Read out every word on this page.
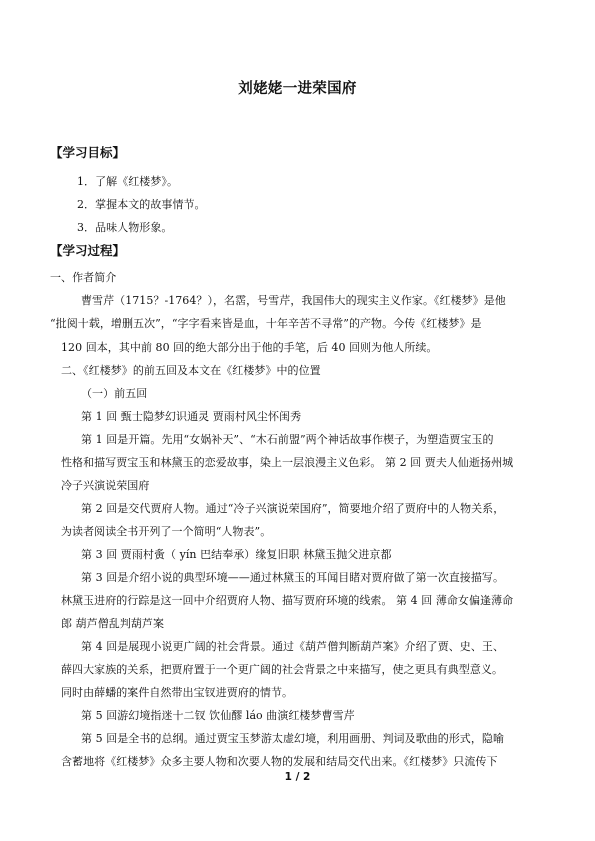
刘姥姥一进荣国府
【学习目标】
1．了解《红楼梦》。
2．掌握本文的故事情节。
3．品味人物形象。
【学习过程】
一、作者简介
曹雪芹（1715？-1764？），名霑，号雪芹，我国伟大的现实主义作家。《红楼梦》是他
“批阅十载，增删五次”，“字字看来皆是血，十年辛苦不寻常”的产物。今传《红楼梦》是
120 回本，其中前 80 回的绝大部分出于他的手笔，后 40 回则为他人所续。
二、《红楼梦》的前五回及本文在《红楼梦》中的位置
（一）前五回
第 1 回 甄士隐梦幻识通灵 贾雨村风尘怀闺秀
第 1 回是开篇。先用“女娲补天”、“木石前盟”两个神话故事作楔子，为塑造贾宝玉的
性格和描写贾宝玉和林黛玉的恋爱故事，染上一层浪漫主义色彩。 第 2 回 贾夫人仙逝扬州城
冷子兴演说荣国府
第 2 回是交代贾府人物。通过“冷子兴演说荣国府”，简要地介绍了贾府中的人物关系，
为读者阅读全书开列了一个简明“人物表”。
第 3 回 贾雨村夤（ yín 巴结奉承）缘复旧职 林黛玉抛父进京都
第 3 回是介绍小说的典型环境——通过林黛玉的耳闻目睹对贾府做了第一次直接描写。
林黛玉进府的行踪是这一回中介绍贾府人物、描写贾府环境的线索。 第 4 回 薄命女偏逢薄命
郎 葫芦僧乱判葫芦案
第 4 回是展现小说更广阔的社会背景。通过《葫芦僧判断葫芦案》介绍了贾、史、王、
薛四大家族的关系，把贾府置于一个更广阔的社会背景之中来描写，使之更具有典型意义。
同时由薛蟠的案件自然带出宝钗进贾府的情节。
第 5 回游幻境指迷十二钗 饮仙醪 láo 曲演红楼梦曹雪芹
第 5 回是全书的总纲。通过贾宝玉梦游太虚幻境，利用画册、判词及歌曲的形式，隐喻
含蓄地将《红楼梦》众多主要人物和次要人物的发展和结局交代出来。《红楼梦》只流传下
1 / 2
